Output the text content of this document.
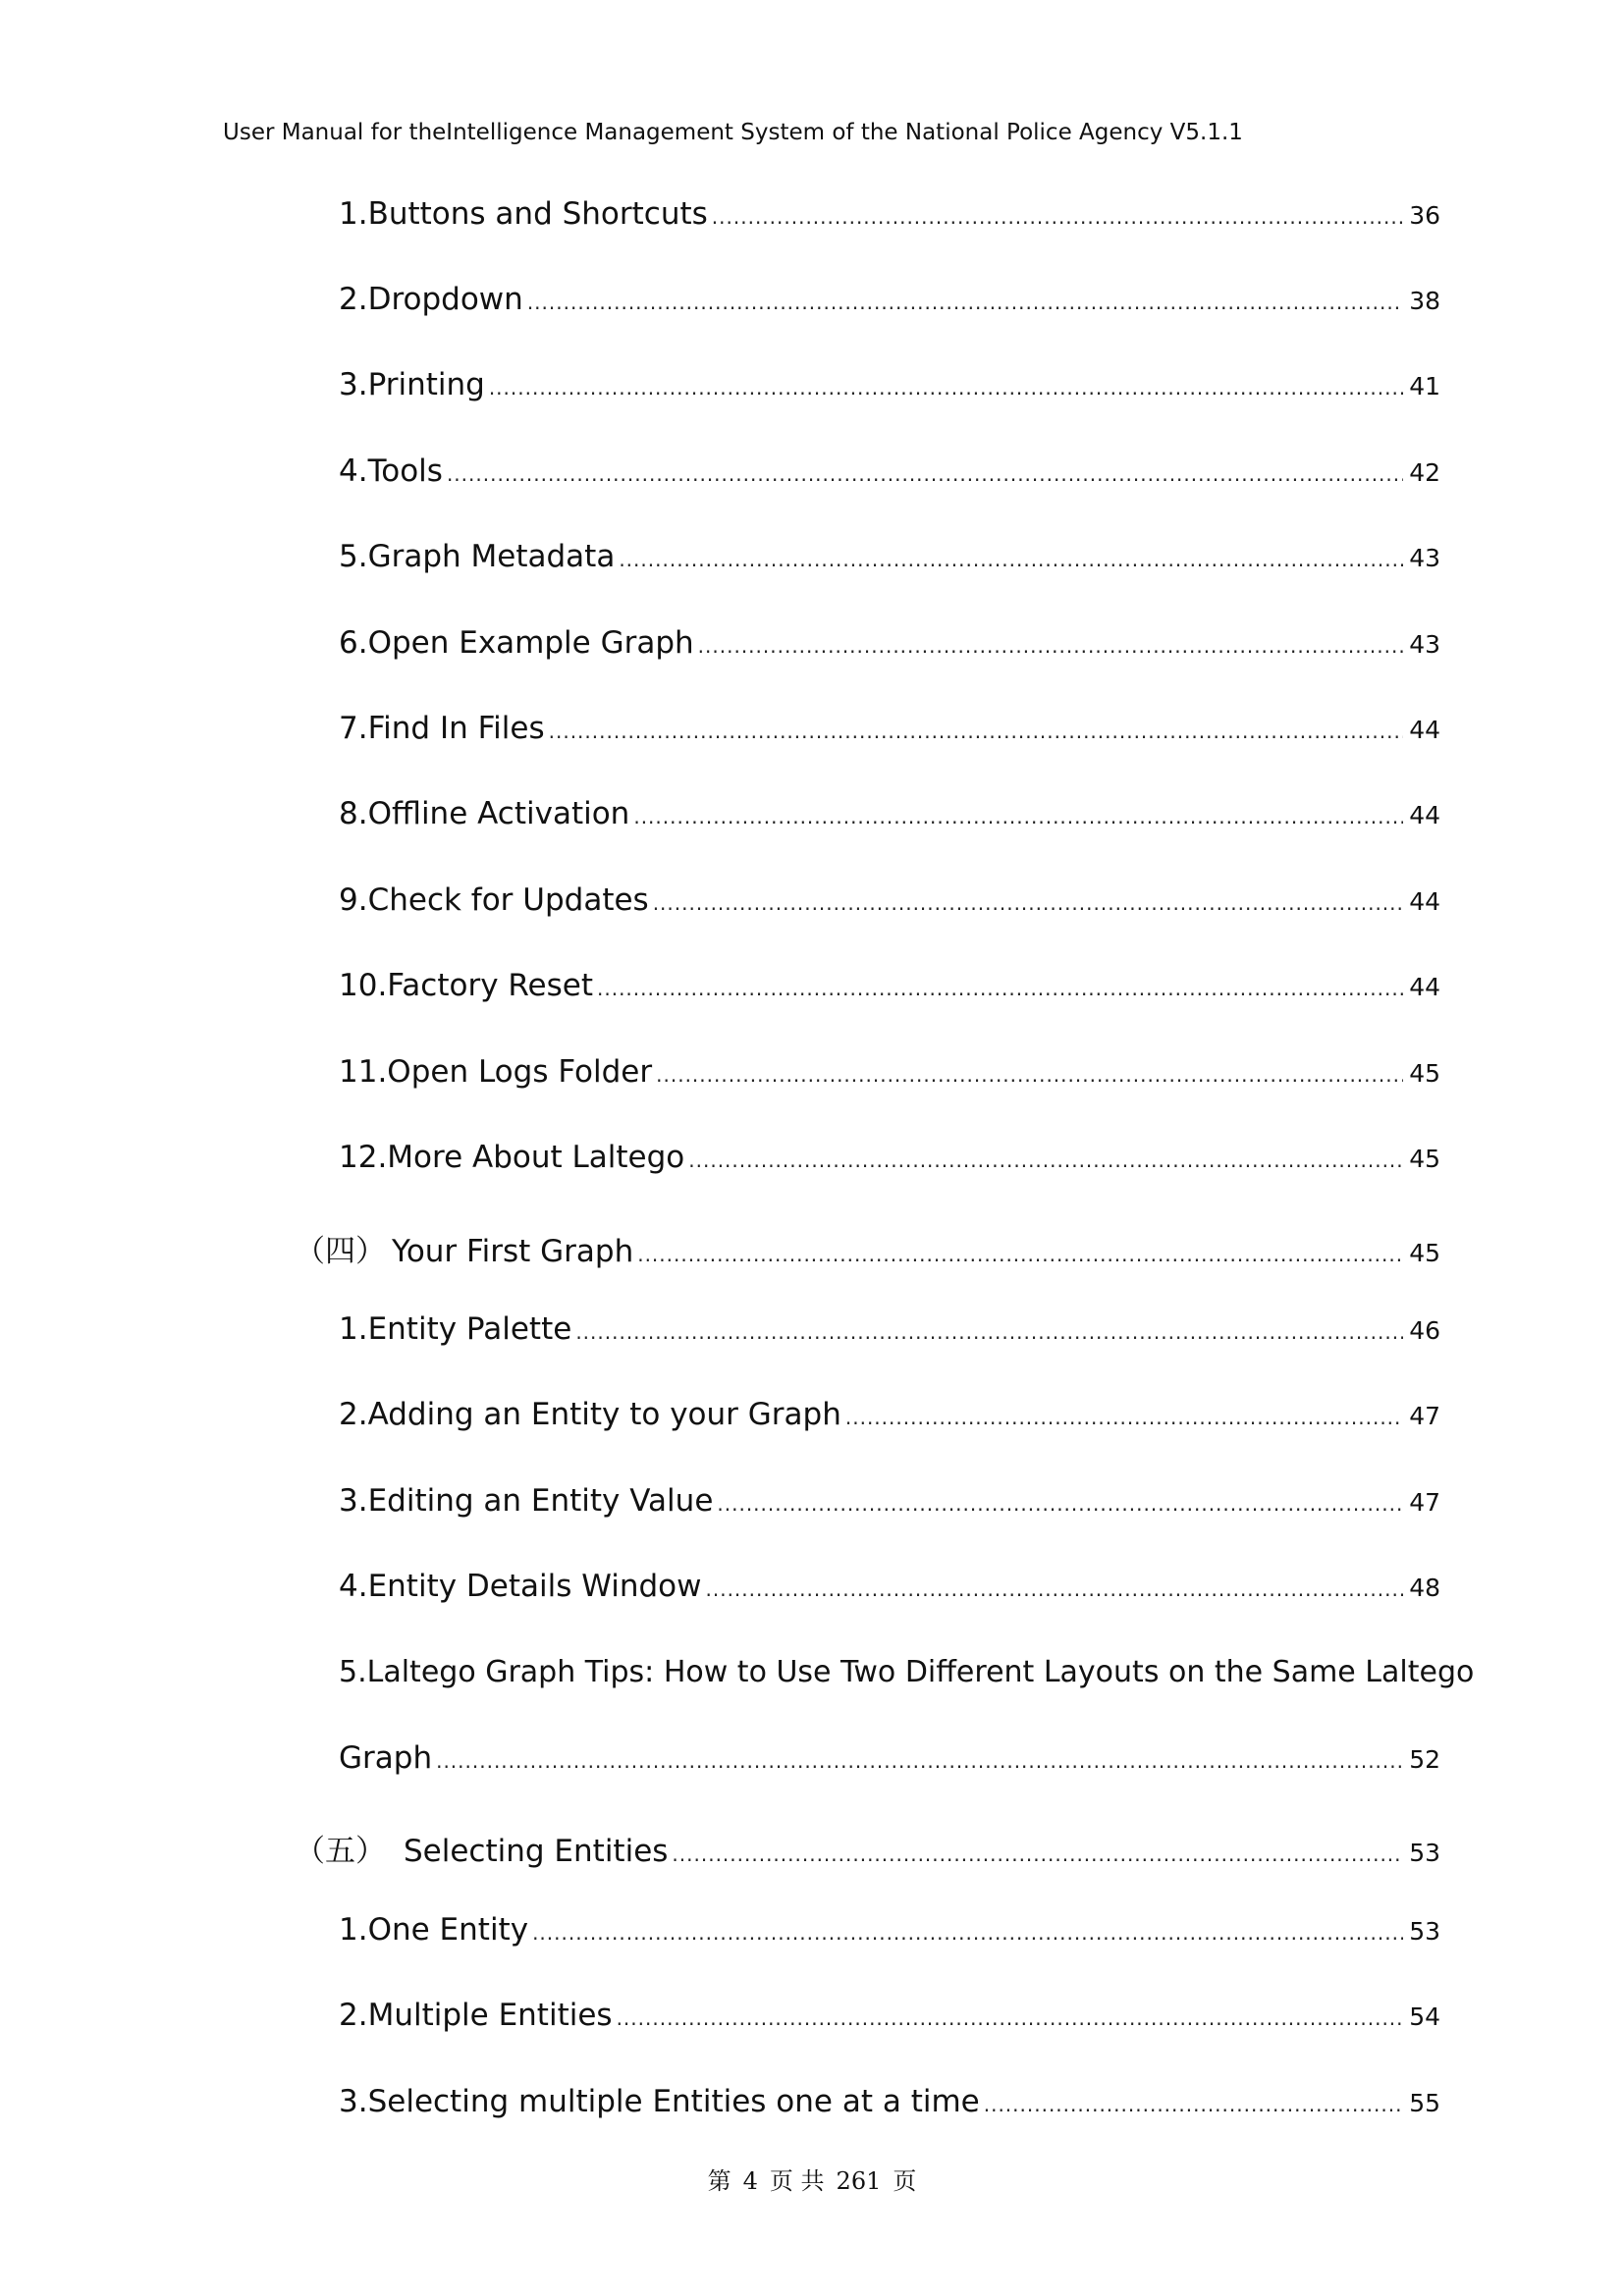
User Manual for theIntelligence Management System of the National Police Agency V5.1.1
1.Buttons and Shortcuts .....	36
2.Dropdown .....	38
3.Printing .....	41
4.Tools .....	42
5.Graph Metadata .....	43
6.Open Example Graph .....	43
7.Find In Files .....	44
8.Offline Activation .....	44
9.Check for Updates .....	44
10.Factory Reset .....	44
11.Open Logs Folder .....	45
12.More About Laltego .....	45
（四） Your First Graph .....	45
1.Entity Palette .....	46
2.Adding an Entity to your Graph .....	47
3.Editing an Entity Value .....	47
4.Entity Details Window .....	48
5.Laltego Graph Tips: How to Use Two Different Layouts on the Same Laltego
Graph .....	52
（五） Selecting Entities .....	53
1.One Entity .....	53
2.Multiple Entities .....	54
3.Selecting multiple Entities one at a time .....	55
第 4 页 共 261 页
